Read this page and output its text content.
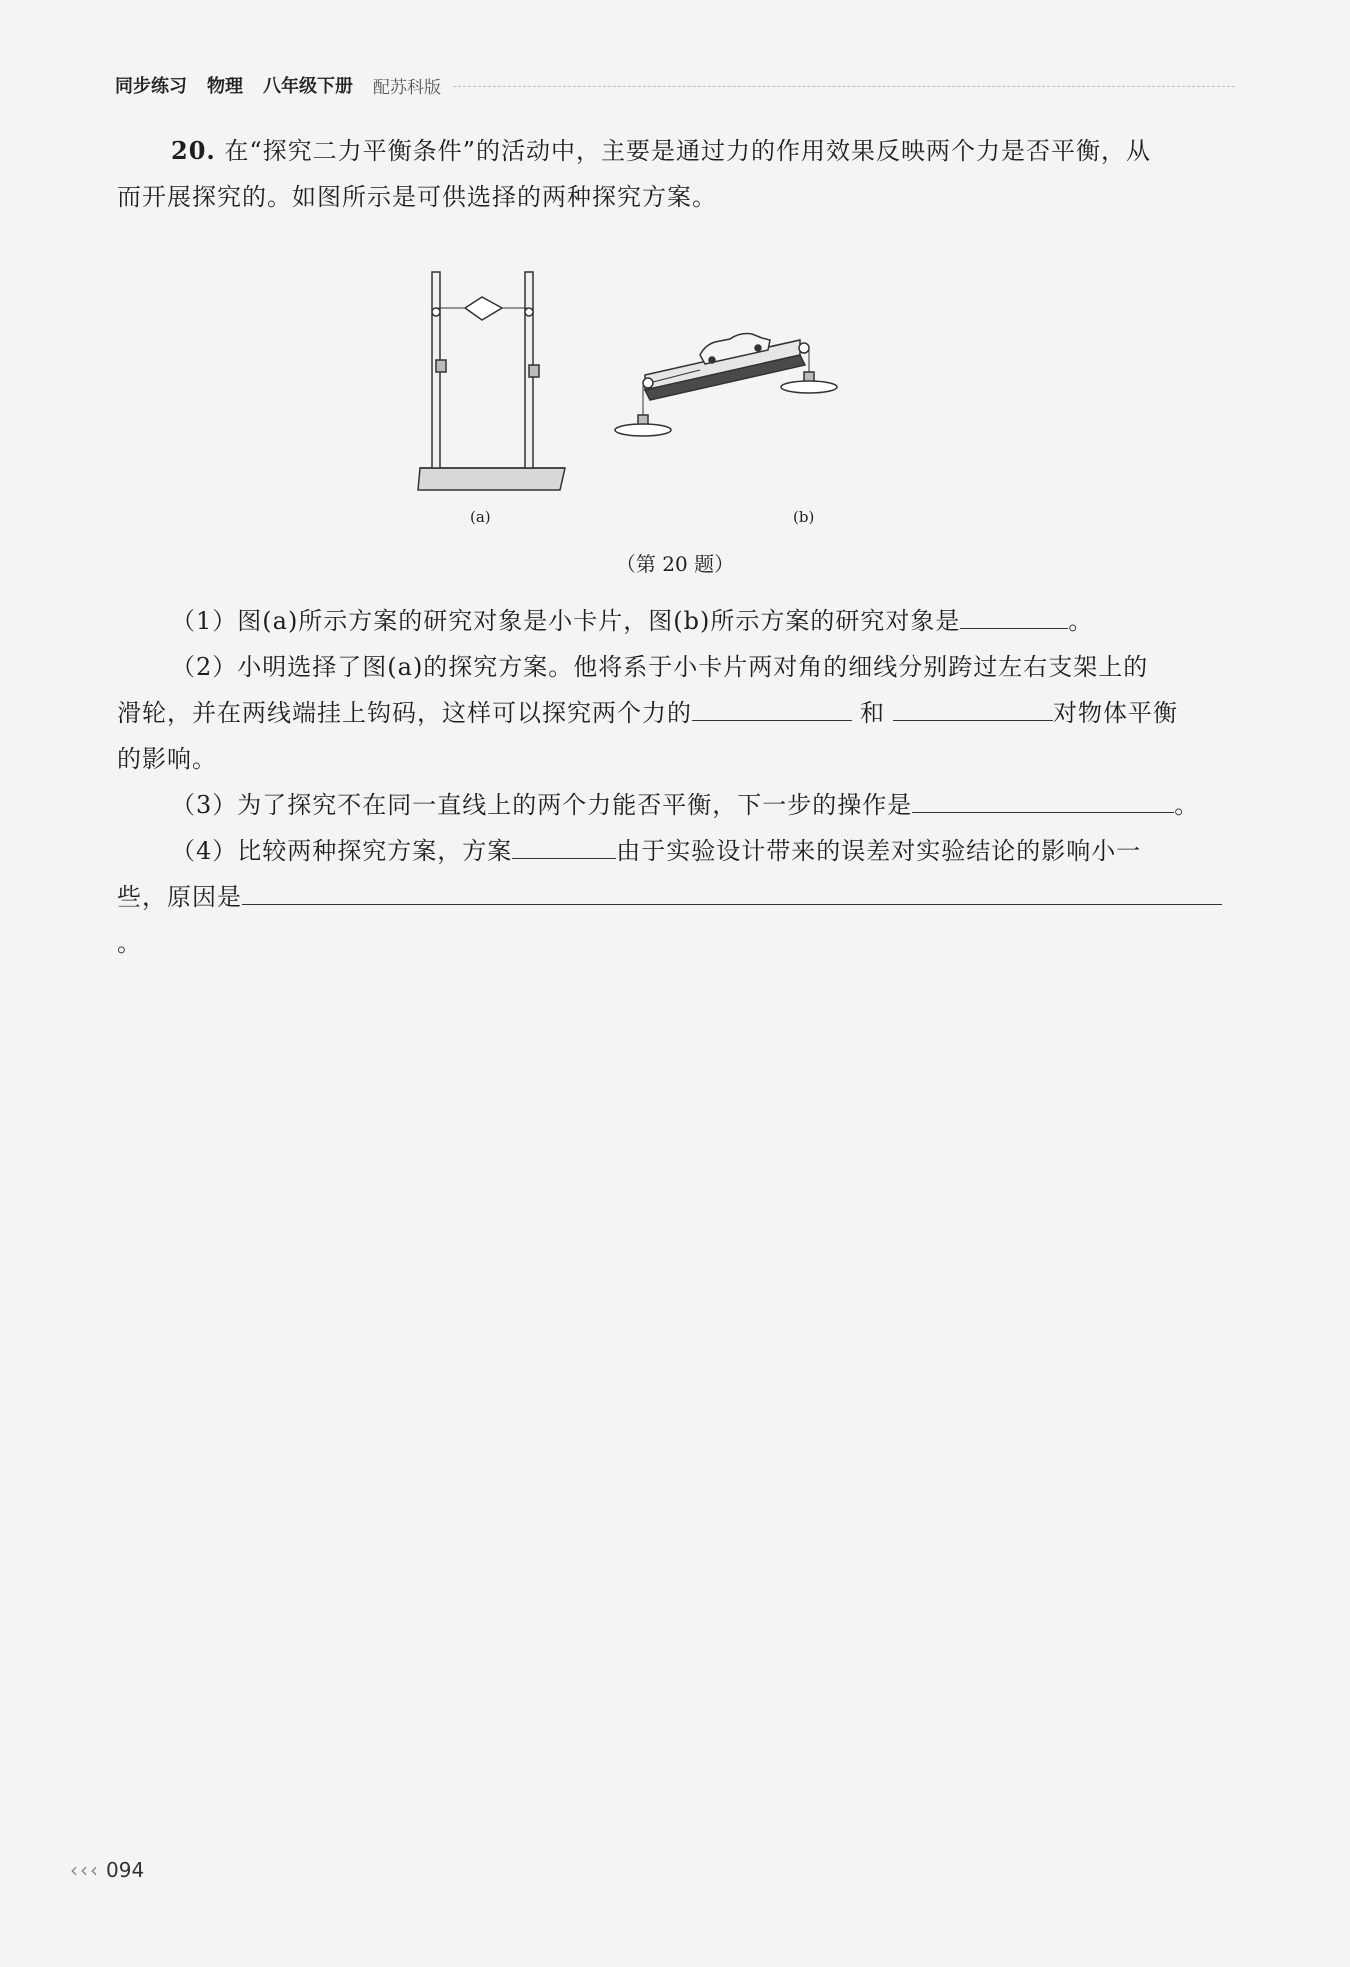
同步练习 物理 八年级下册 配苏科版
20. 在“探究二力平衡条件”的活动中，主要是通过力的作用效果反映两个力是否平衡，从
而开展探究的。如图所示是可供选择的两种探究方案。
(a)	(b)
（第 20 题）
（1）图(a)所示方案的研究对象是小卡片，图(b)所示方案的研究对象是	。
（2）小明选择了图(a)的探究方案。他将系于小卡片两对角的细线分别跨过左右支架上的
滑轮，并在两线端挂上钩码，这样可以探究两个力的	和	对物体平衡
的影响。
（3）为了探究不在同一直线上的两个力能否平衡，下一步的操作是	。
（4）比较两种探究方案，方案	由于实验设计带来的误差对实验结论的影响小一
些，原因是。
‹‹‹ 094
